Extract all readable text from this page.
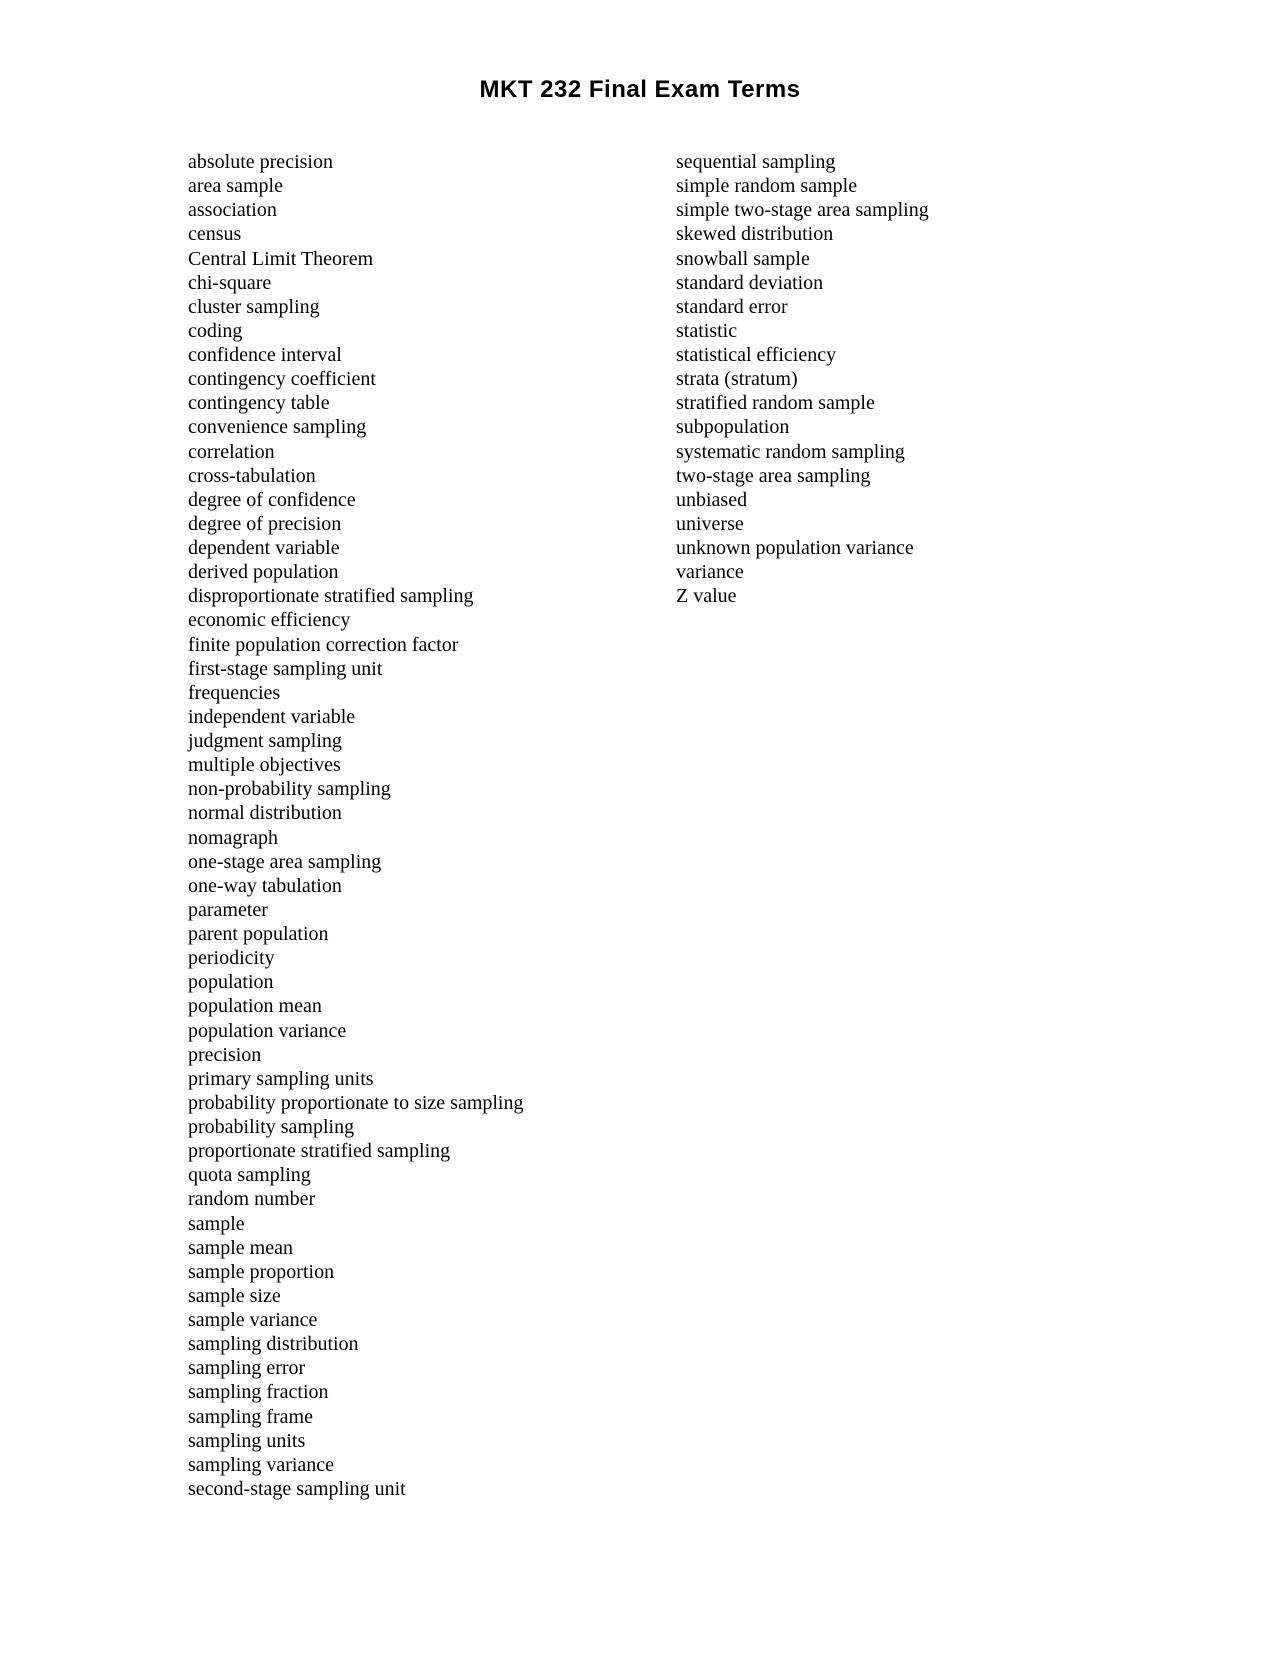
MKT 232 Final Exam Terms
absolute precision
area sample
association
census
Central Limit Theorem
chi-square
cluster sampling
coding
confidence interval
contingency coefficient
contingency table
convenience sampling
correlation
cross-tabulation
degree of confidence
degree of precision
dependent variable
derived population
disproportionate stratified sampling
economic efficiency
finite population correction factor
first-stage sampling unit
frequencies
independent variable
judgment sampling
multiple objectives
non-probability sampling
normal distribution
nomagraph
one-stage area sampling
one-way tabulation
parameter
parent population
periodicity
population
population mean
population variance
precision
primary sampling units
probability proportionate to size sampling
probability sampling
proportionate stratified sampling
quota sampling
random number
sample
sample mean
sample proportion
sample size
sample variance
sampling distribution
sampling error
sampling fraction
sampling frame
sampling units
sampling variance
second-stage sampling unit
sequential sampling
simple random sample
simple two-stage area sampling
skewed distribution
snowball sample
standard deviation
standard error
statistic
statistical efficiency
strata (stratum)
stratified random sample
subpopulation
systematic random sampling
two-stage area sampling
unbiased
universe
unknown population variance
variance
Z value
